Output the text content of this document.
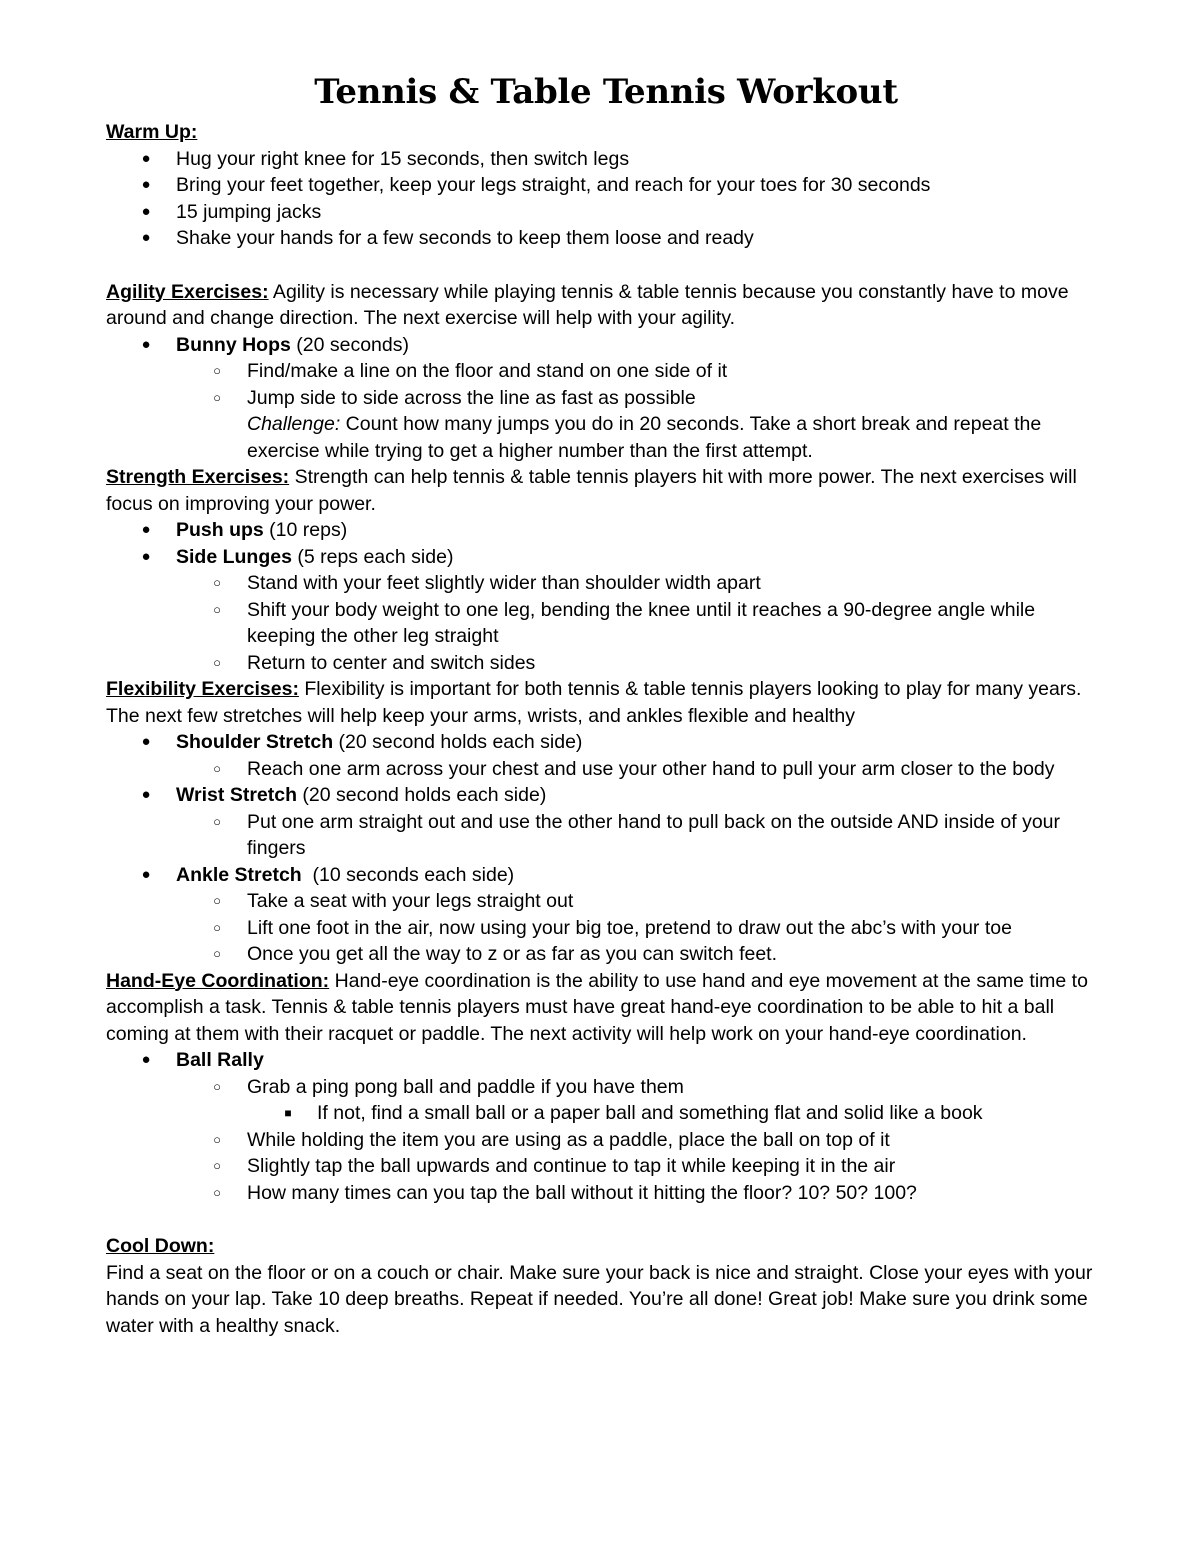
Tennis & Table Tennis Workout

Warm Up:

● Hug your right knee for 15 seconds, then switch legs
● Bring your feet together, keep your legs straight, and reach for your toes for 30 seconds
● 15 jumping jacks
● Shake your hands for a few seconds to keep them loose and ready

Agility Exercises: Agility is necessary while playing tennis & table tennis because you constantly have to move around and change direction. The next exercise will help with your agility.

● Bunny Hops (20 seconds)
○ Find/make a line on the floor and stand on one side of it
○ Jump side to side across the line as fast as possible
Challenge: Count how many jumps you do in 20 seconds. Take a short break and repeat the exercise while trying to get a higher number than the first attempt.

Strength Exercises: Strength can help tennis & table tennis players hit with more power. The next exercises will focus on improving your power.

● Push ups (10 reps)
● Side Lunges (5 reps each side)
○ Stand with your feet slightly wider than shoulder width apart
○ Shift your body weight to one leg, bending the knee until it reaches a 90-degree angle while keeping the other leg straight
○ Return to center and switch sides

Flexibility Exercises: Flexibility is important for both tennis & table tennis players looking to play for many years. The next few stretches will help keep your arms, wrists, and ankles flexible and healthy

● Shoulder Stretch (20 second holds each side)
○ Reach one arm across your chest and use your other hand to pull your arm closer to the body
● Wrist Stretch (20 second holds each side)
○ Put one arm straight out and use the other hand to pull back on the outside AND inside of your fingers
● Ankle Stretch  (10 seconds each side)
○ Take a seat with your legs straight out
○ Lift one foot in the air, now using your big toe, pretend to draw out the abc’s with your toe
○ Once you get all the way to z or as far as you can switch feet.

Hand-Eye Coordination: Hand-eye coordination is the ability to use hand and eye movement at the same time to accomplish a task. Tennis & table tennis players must have great hand-eye coordination to be able to hit a ball coming at them with their racquet or paddle. The next activity will help work on your hand-eye coordination.

● Ball Rally
○ Grab a ping pong ball and paddle if you have them
■ If not, find a small ball or a paper ball and something flat and solid like a book
○ While holding the item you are using as a paddle, place the ball on top of it
○ Slightly tap the ball upwards and continue to tap it while keeping it in the air
○ How many times can you tap the ball without it hitting the floor? 10? 50? 100?

Cool Down:

Find a seat on the floor or on a couch or chair. Make sure your back is nice and straight. Close your eyes with your hands on your lap. Take 10 deep breaths. Repeat if needed. You’re all done! Great job! Make sure you drink some water with a healthy snack.
